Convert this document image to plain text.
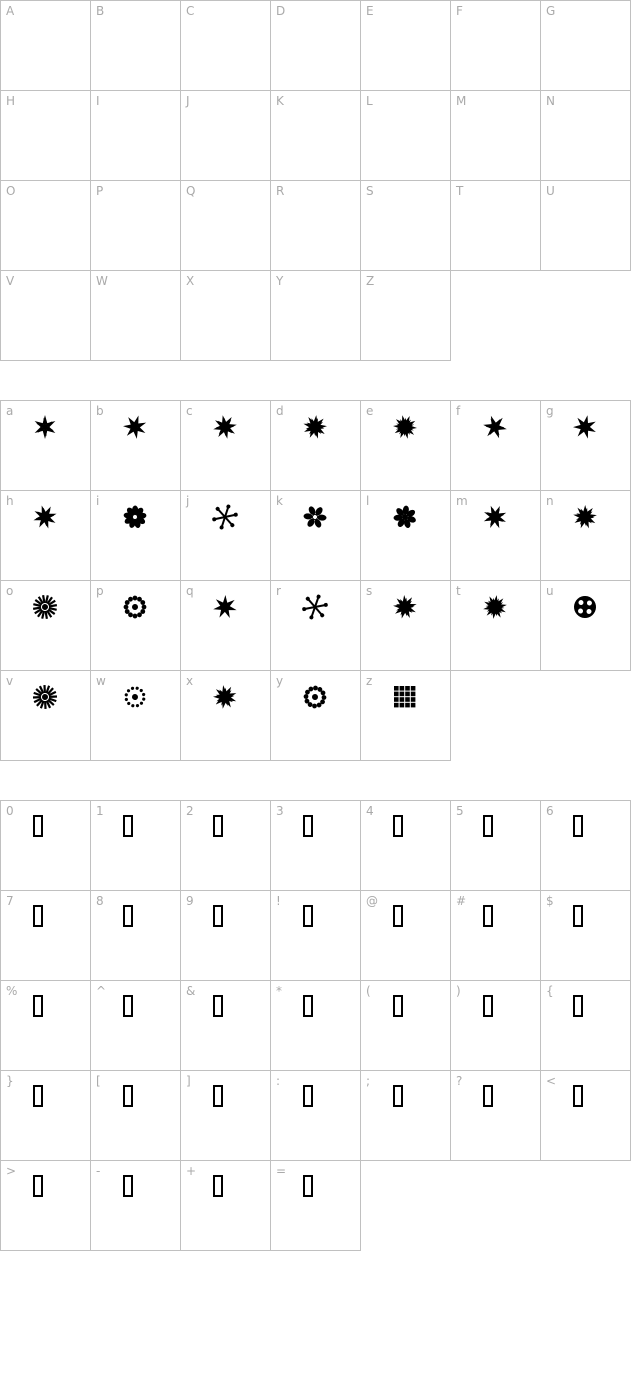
A	B	C	D	E	F	G
H	I	J	K	L	M	N
O	P	Q	R	S	T	U
V	W	X	Y	Z
a	b	c	d	e	f	g
h	i	j	k	l	m	n
o	p	q	r	s	t	u
v	w	x	y	z
0	1	2	3	4	5	6
7	8	9	!	@	#	$
%	^	&	*	(	)	{
}	[	]	:	;	?	<
>	-	+	=
